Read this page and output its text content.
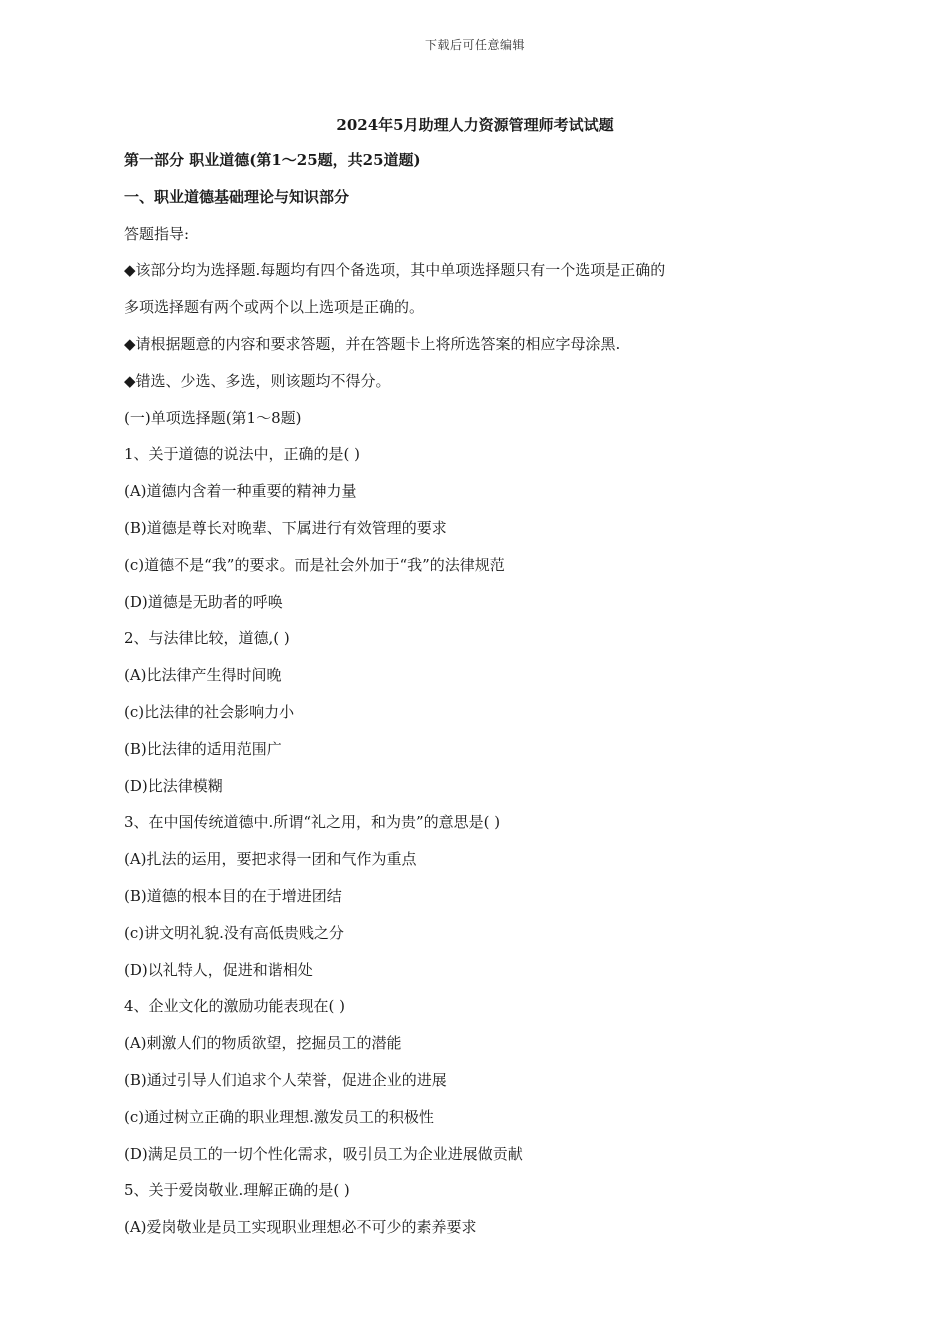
下载后可任意编辑
2024年5月助理人力资源管理师考试试题
第一部分 职业道德(第1～25题，共25道题)
一、职业道德基础理论与知识部分
答题指导:
◆该部分均为选择题.每题均有四个备选项，其中单项选择题只有一个选项是正确的
多项选择题有两个或两个以上选项是正确的。
◆请根据题意的内容和要求答题，并在答题卡上将所选答案的相应字母涂黑.
◆错选、少选、多选，则该题均不得分。
(一)单项选择题(第1～8题)
1、关于道德的说法中，正确的是( )
(A)道德内含着一种重要的精神力量
(B)道德是尊长对晚辈、下属进行有效管理的要求
(c)道德不是“我”的要求。而是社会外加于“我”的法律规范
(D)道德是无助者的呼唤
2、与法律比较，道德,( )
(A)比法律产生得时间晚
(c)比法律的社会影响力小
(B)比法律的适用范围广
(D)比法律模糊
3、在中国传统道德中.所谓“礼之用，和为贵”的意思是( )
(A)扎法的运用，要把求得一团和气作为重点
(B)道德的根本目的在于增进团结
(c)讲文明礼貌.没有高低贵贱之分
(D)以礼特人，促进和谐相处
4、企业文化的激励功能表现在( )
(A)刺激人们的物质欲望，挖掘员工的潜能
(B)通过引导人们追求个人荣誉，促进企业的进展
(c)通过树立正确的职业理想.激发员工的积极性
(D)满足员工的一切个性化需求，吸引员工为企业进展做贡献
5、关于爱岗敬业.理解正确的是( )
(A)爱岗敬业是员工实现职业理想必不可少的素养要求
